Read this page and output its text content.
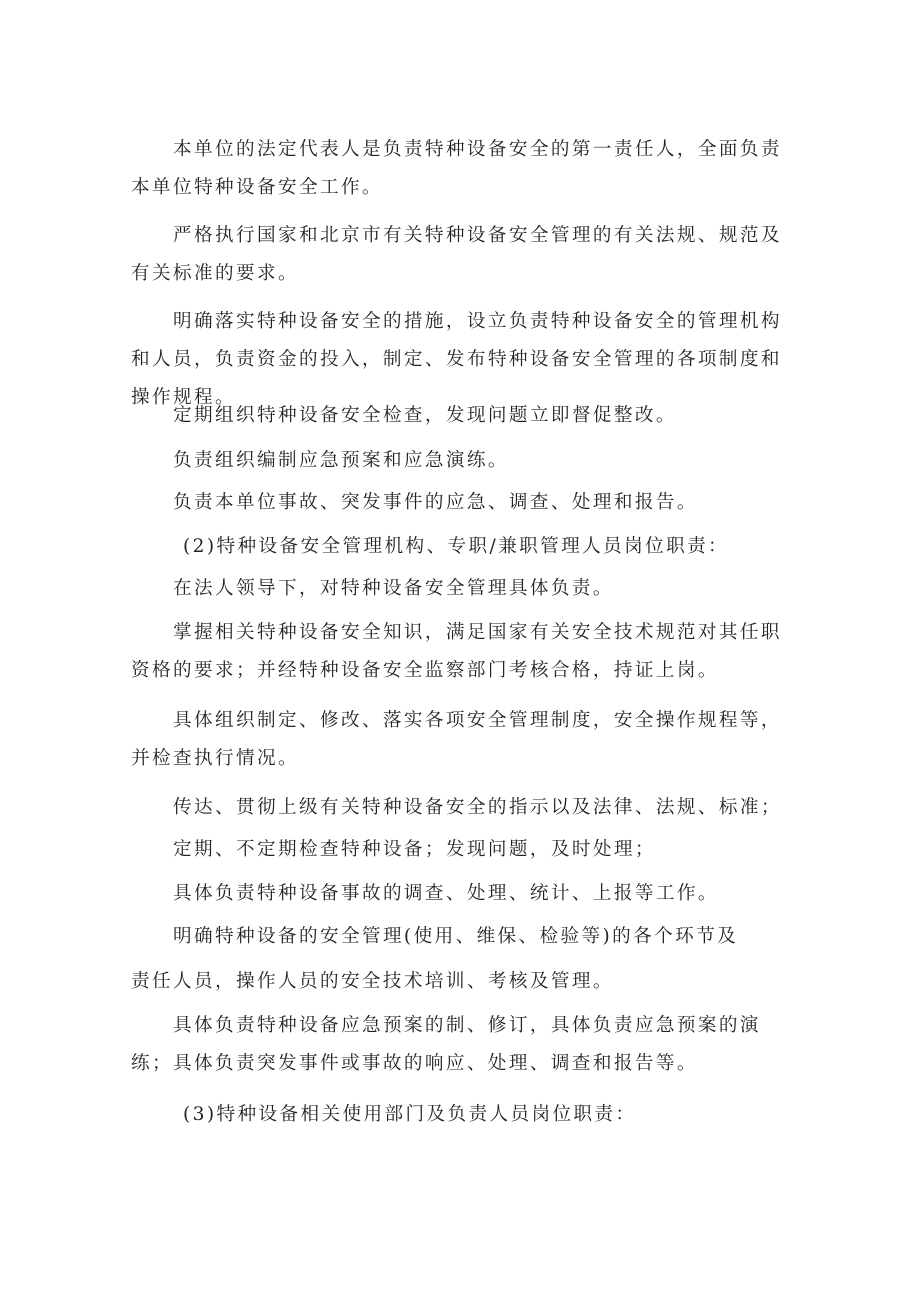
本单位的法定代表人是负责特种设备安全的第一责任人，全面负责本单位特种设备安全工作。

严格执行国家和北京市有关特种设备安全管理的有关法规、规范及有关标准的要求。

明确落实特种设备安全的措施，设立负责特种设备安全的管理机构和人员，负责资金的投入，制定、发布特种设备安全管理的各项制度和操作规程。

定期组织特种设备安全检查，发现问题立即督促整改。

负责组织编制应急预案和应急演练。

负责本单位事故、突发事件的应急、调查、处理和报告。

(2)特种设备安全管理机构、专职/兼职管理人员岗位职责：

在法人领导下，对特种设备安全管理具体负责。

掌握相关特种设备安全知识，满足国家有关安全技术规范对其任职资格的要求；并经特种设备安全监察部门考核合格，持证上岗。

具体组织制定、修改、落实各项安全管理制度，安全操作规程等，并检查执行情况。

传达、贯彻上级有关特种设备安全的指示以及法律、法规、标准；

定期、不定期检查特种设备；发现问题，及时处理；

具体负责特种设备事故的调查、处理、统计、上报等工作。

明确特种设备的安全管理(使用、维保、检验等)的各个环节及

责任人员，操作人员的安全技术培训、考核及管理。

具体负责特种设备应急预案的制、修订，具体负责应急预案的演练；具体负责突发事件或事故的响应、处理、调查和报告等。

(3)特种设备相关使用部门及负责人员岗位职责：
